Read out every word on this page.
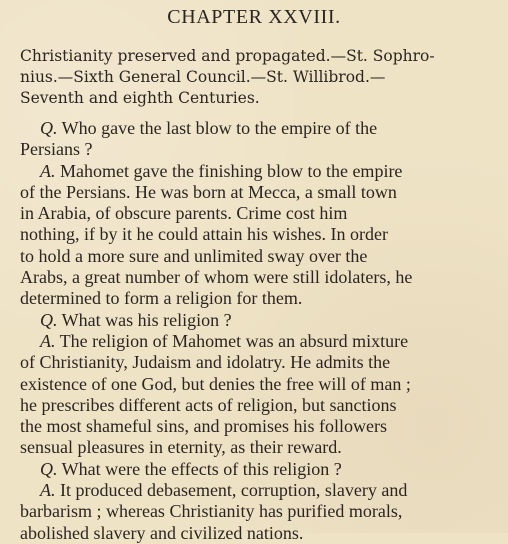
CHAPTER XXVIII.
Christianity preserved and propagated.—St. Sophro-
nius.—Sixth General Council.—St. Willibrod.—
Seventh and eighth Centuries.
Q. Who gave the last blow to the empire of the
Persians ?
A. Mahomet gave the finishing blow to the empire
of the Persians. He was born at Mecca, a small town
in Arabia, of obscure parents. Crime cost him
nothing, if by it he could attain his wishes. In order
to hold a more sure and unlimited sway over the
Arabs, a great number of whom were still idolaters, he
determined to form a religion for them.
Q. What was his religion ?
A. The religion of Mahomet was an absurd mixture
of Christianity, Judaism and idolatry. He admits the
existence of one God, but denies the free will of man ;
he prescribes different acts of religion, but sanctions
the most shameful sins, and promises his followers
sensual pleasures in eternity, as their reward.
Q. What were the effects of this religion ?
A. It produced debasement, corruption, slavery and
barbarism ; whereas Christianity has purified morals,
abolished slavery and civilized nations.
